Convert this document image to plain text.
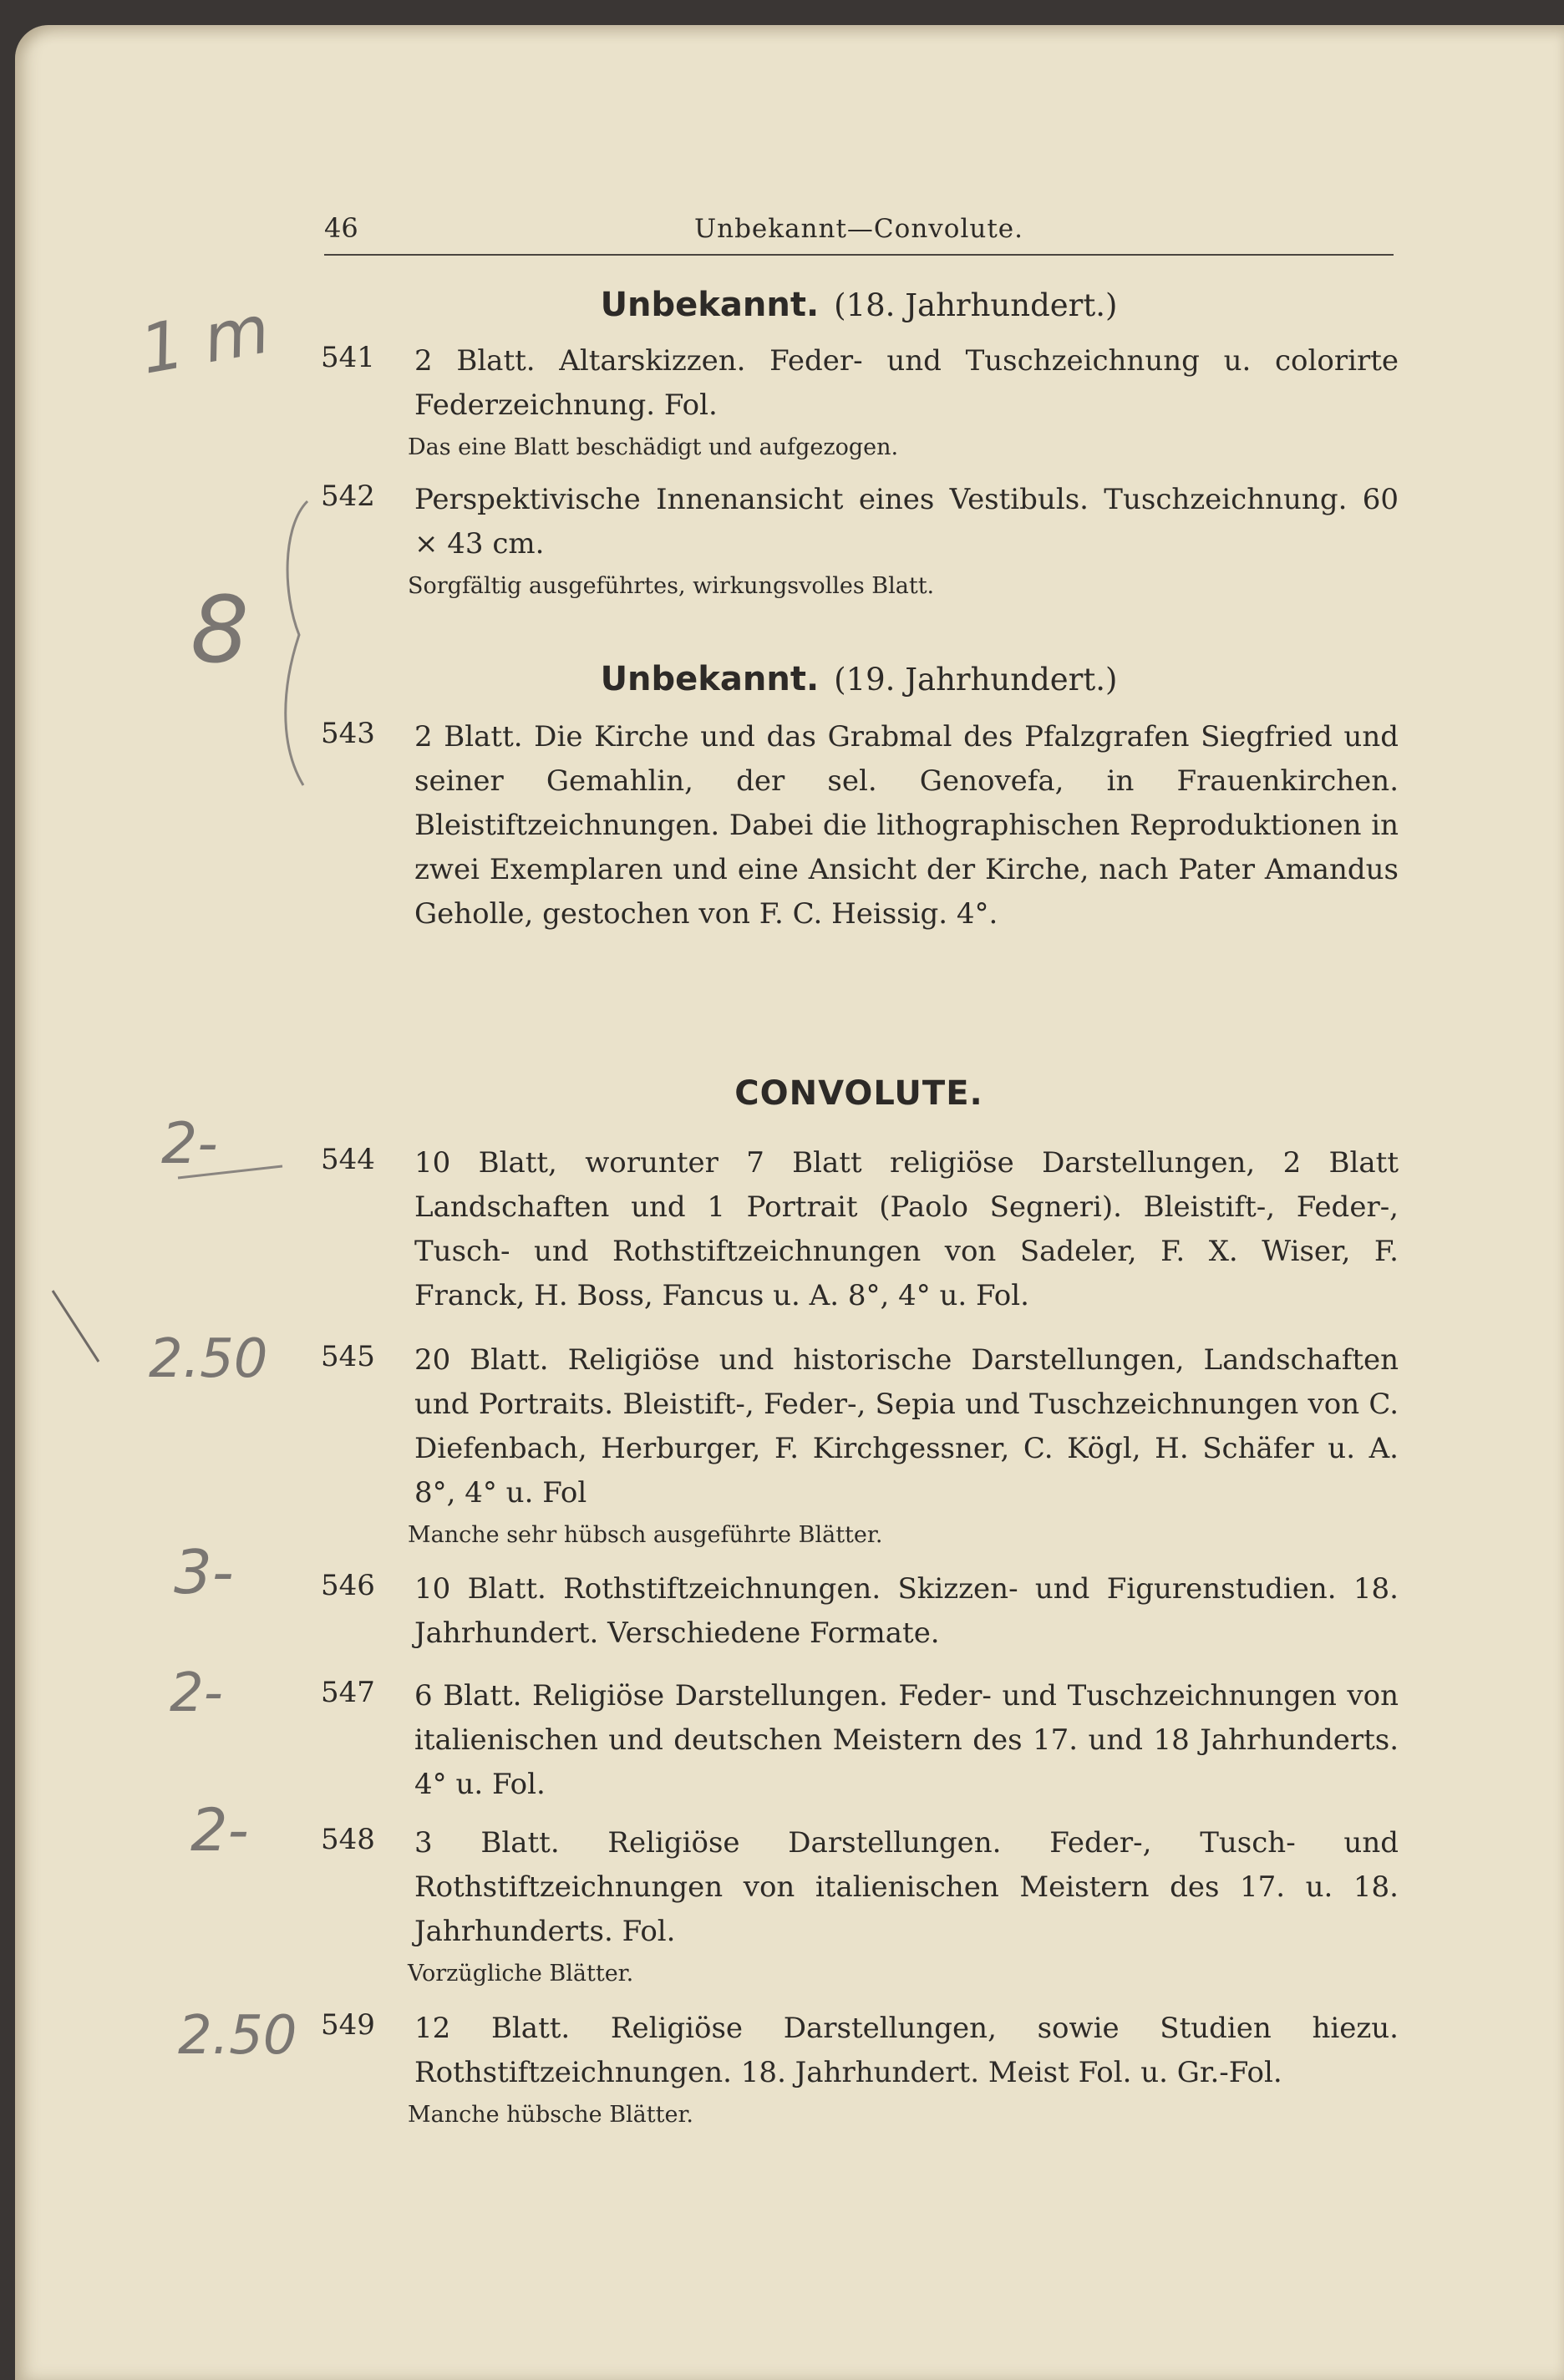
46	Unbekannt—Convolute.
Unbekannt. (18. Jahrhundert.)
541 2 Blatt. Altarskizzen. Feder- und Tuschzeichnung u. colorirte Federzeichnung. Fol.
Das eine Blatt beschädigt und aufgezogen.
542 Perspektivische Innenansicht eines Vestibuls. Tuschzeichnung. 60 × 43 cm.
Sorgfältig ausgeführtes, wirkungsvolles Blatt.
Unbekannt. (19. Jahrhundert.)
543 2 Blatt. Die Kirche und das Grabmal des Pfalzgrafen Siegfried und seiner Gemahlin, der sel. Genovefa, in Frauenkirchen. Bleistiftzeichnungen. Dabei die lithographischen Reproduktionen in zwei Exemplaren und eine Ansicht der Kirche, nach Pater Amandus Geholle, gestochen von F. C. Heissig. 4°.
CONVOLUTE.
544 10 Blatt, worunter 7 Blatt religiöse Darstellungen, 2 Blatt Landschaften und 1 Portrait (Paolo Segneri). Bleistift-, Feder-, Tusch- und Rothstiftzeichnungen von Sadeler, F. X. Wiser, F. Franck, H. Boss, Fancus u. A. 8°, 4° u. Fol.
545 20 Blatt. Religiöse und historische Darstellungen, Landschaften und Portraits. Bleistift-, Feder-, Sepia und Tuschzeichnungen von C. Diefenbach, Herburger, F. Kirchgessner, C. Kögl, H. Schäfer u. A. 8°, 4° u. Fol
Manche sehr hübsch ausgeführte Blätter.
546 10 Blatt. Rothstiftzeichnungen. Skizzen- und Figurenstudien. 18. Jahrhundert. Verschiedene Formate.
547 6 Blatt. Religiöse Darstellungen. Feder- und Tuschzeichnungen von italienischen und deutschen Meistern des 17. und 18 Jahrhunderts. 4° u. Fol.
548 3 Blatt. Religiöse Darstellungen. Feder-, Tusch- und Rothstiftzeichnungen von italienischen Meistern des 17. u. 18. Jahrhunderts. Fol.
Vorzügliche Blätter.
549 12 Blatt. Religiöse Darstellungen, sowie Studien hiezu. Rothstiftzeichnungen. 18. Jahrhundert. Meist Fol. u. Gr.-Fol.
Manche hübsche Blätter.
1 m
8
2-
2.50
3-
2-
2-
2.50
